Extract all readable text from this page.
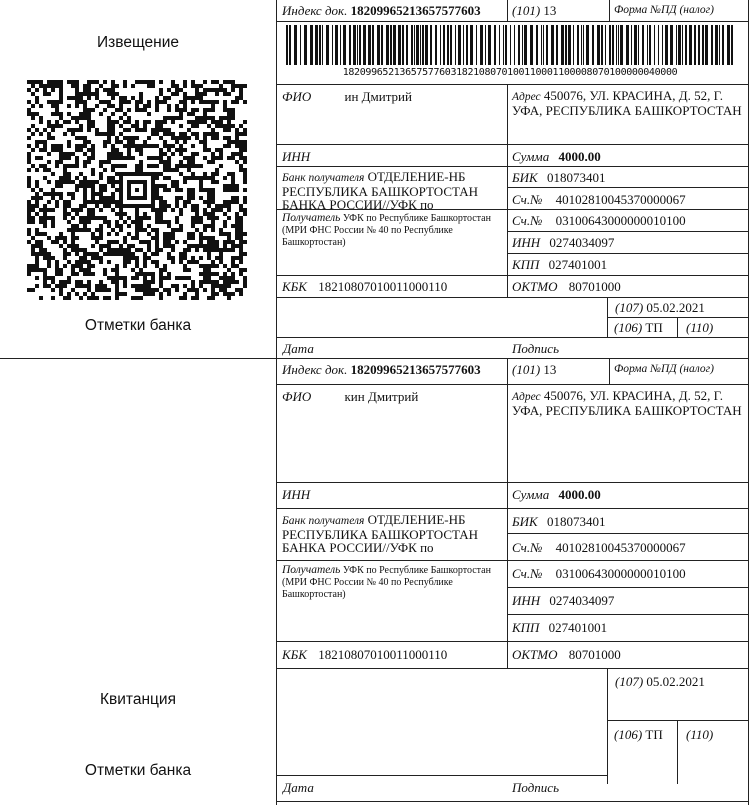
Извещение
Отметки банка
Квитанция
Отметки банка
Индекс док. 18209965213657577603 (101) 13	Форма №ПД (налог)
18209965213657577603182108070100110001100008070100000040000
ФИО	ин Дмитрий	Адрес 450076, УЛ. КРАСИНА, Д. 52, Г. УФА, РЕСПУБЛИКА БАШКОРТОСТАН
ИНН	Сумма 4000.00
Банк получателя ОТДЕЛЕНИЕ-НБ РЕСПУБЛИКА БАШКОРТОСТАН БАНКА РОССИИ//УФК по
БИК 018073401
Сч.№ 40102810045370000067
Получатель УФК по Республике Башкортостан (МРИ ФНС России № 40 по Республике Башкортостан)
Сч.№ 03100643000000010100
ИНН 0274034097
КПП 027401001
КБК 18210807010011000110	ОКТМО 80701000
(107) 05.02.2021
(106) ТП (110)
Дата	Подпись
Индекс док. 18209965213657577603 (101) 13	Форма №ПД (налог)
ФИО	кин Дмитрий	Адрес 450076, УЛ. КРАСИНА, Д. 52, Г. УФА, РЕСПУБЛИКА БАШКОРТОСТАН
ИНН	Сумма 4000.00
Банк получателя ОТДЕЛЕНИЕ-НБ РЕСПУБЛИКА БАШКОРТОСТАН БАНКА РОССИИ//УФК по
БИК 018073401
Сч.№ 40102810045370000067
Получатель УФК по Республике Башкортостан (МРИ ФНС России № 40 по Республике Башкортостан)
Сч.№ 03100643000000010100
ИНН 0274034097
КПП 027401001
КБК 18210807010011000110	ОКТМО 80701000
(107) 05.02.2021
(106) ТП (110)
Дата	Подпись
